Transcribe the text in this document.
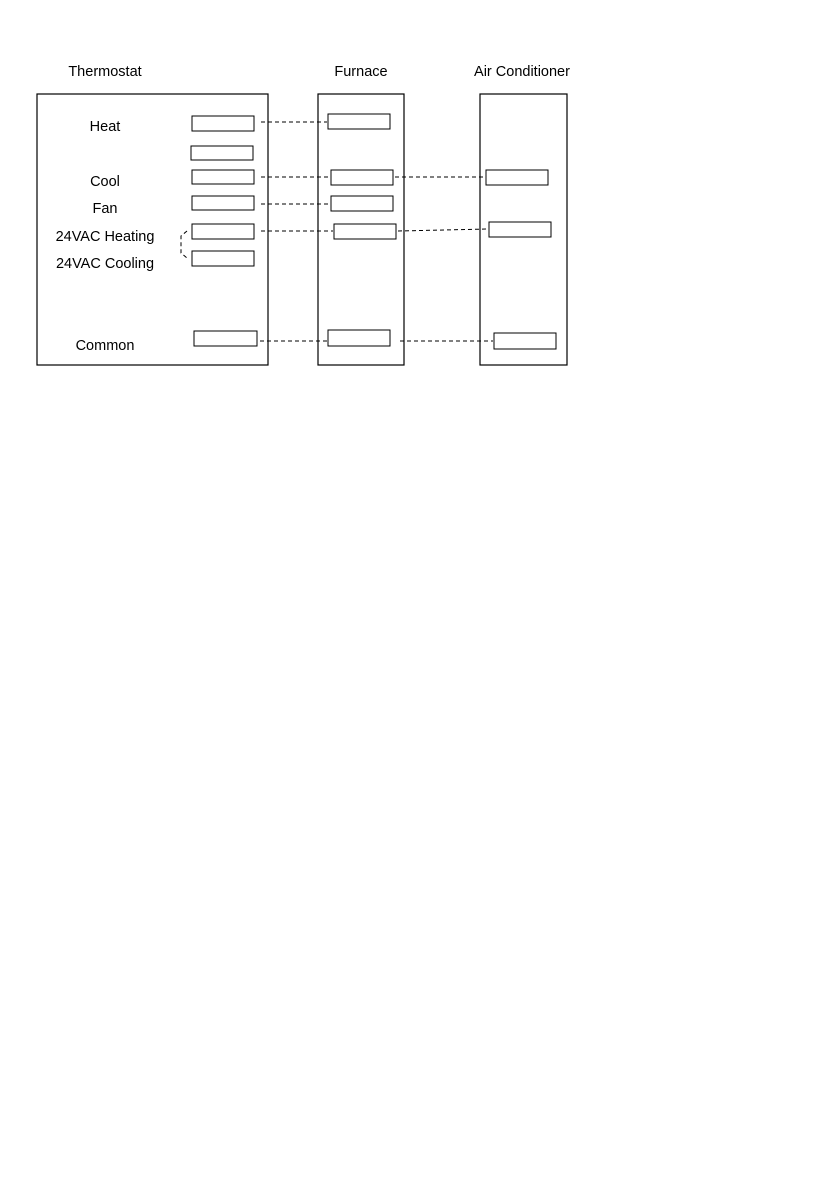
Thermostat	Furnace	Air Conditioner
Heat
Cool
Fan
24VAC Heating
24VAC Cooling
Common
